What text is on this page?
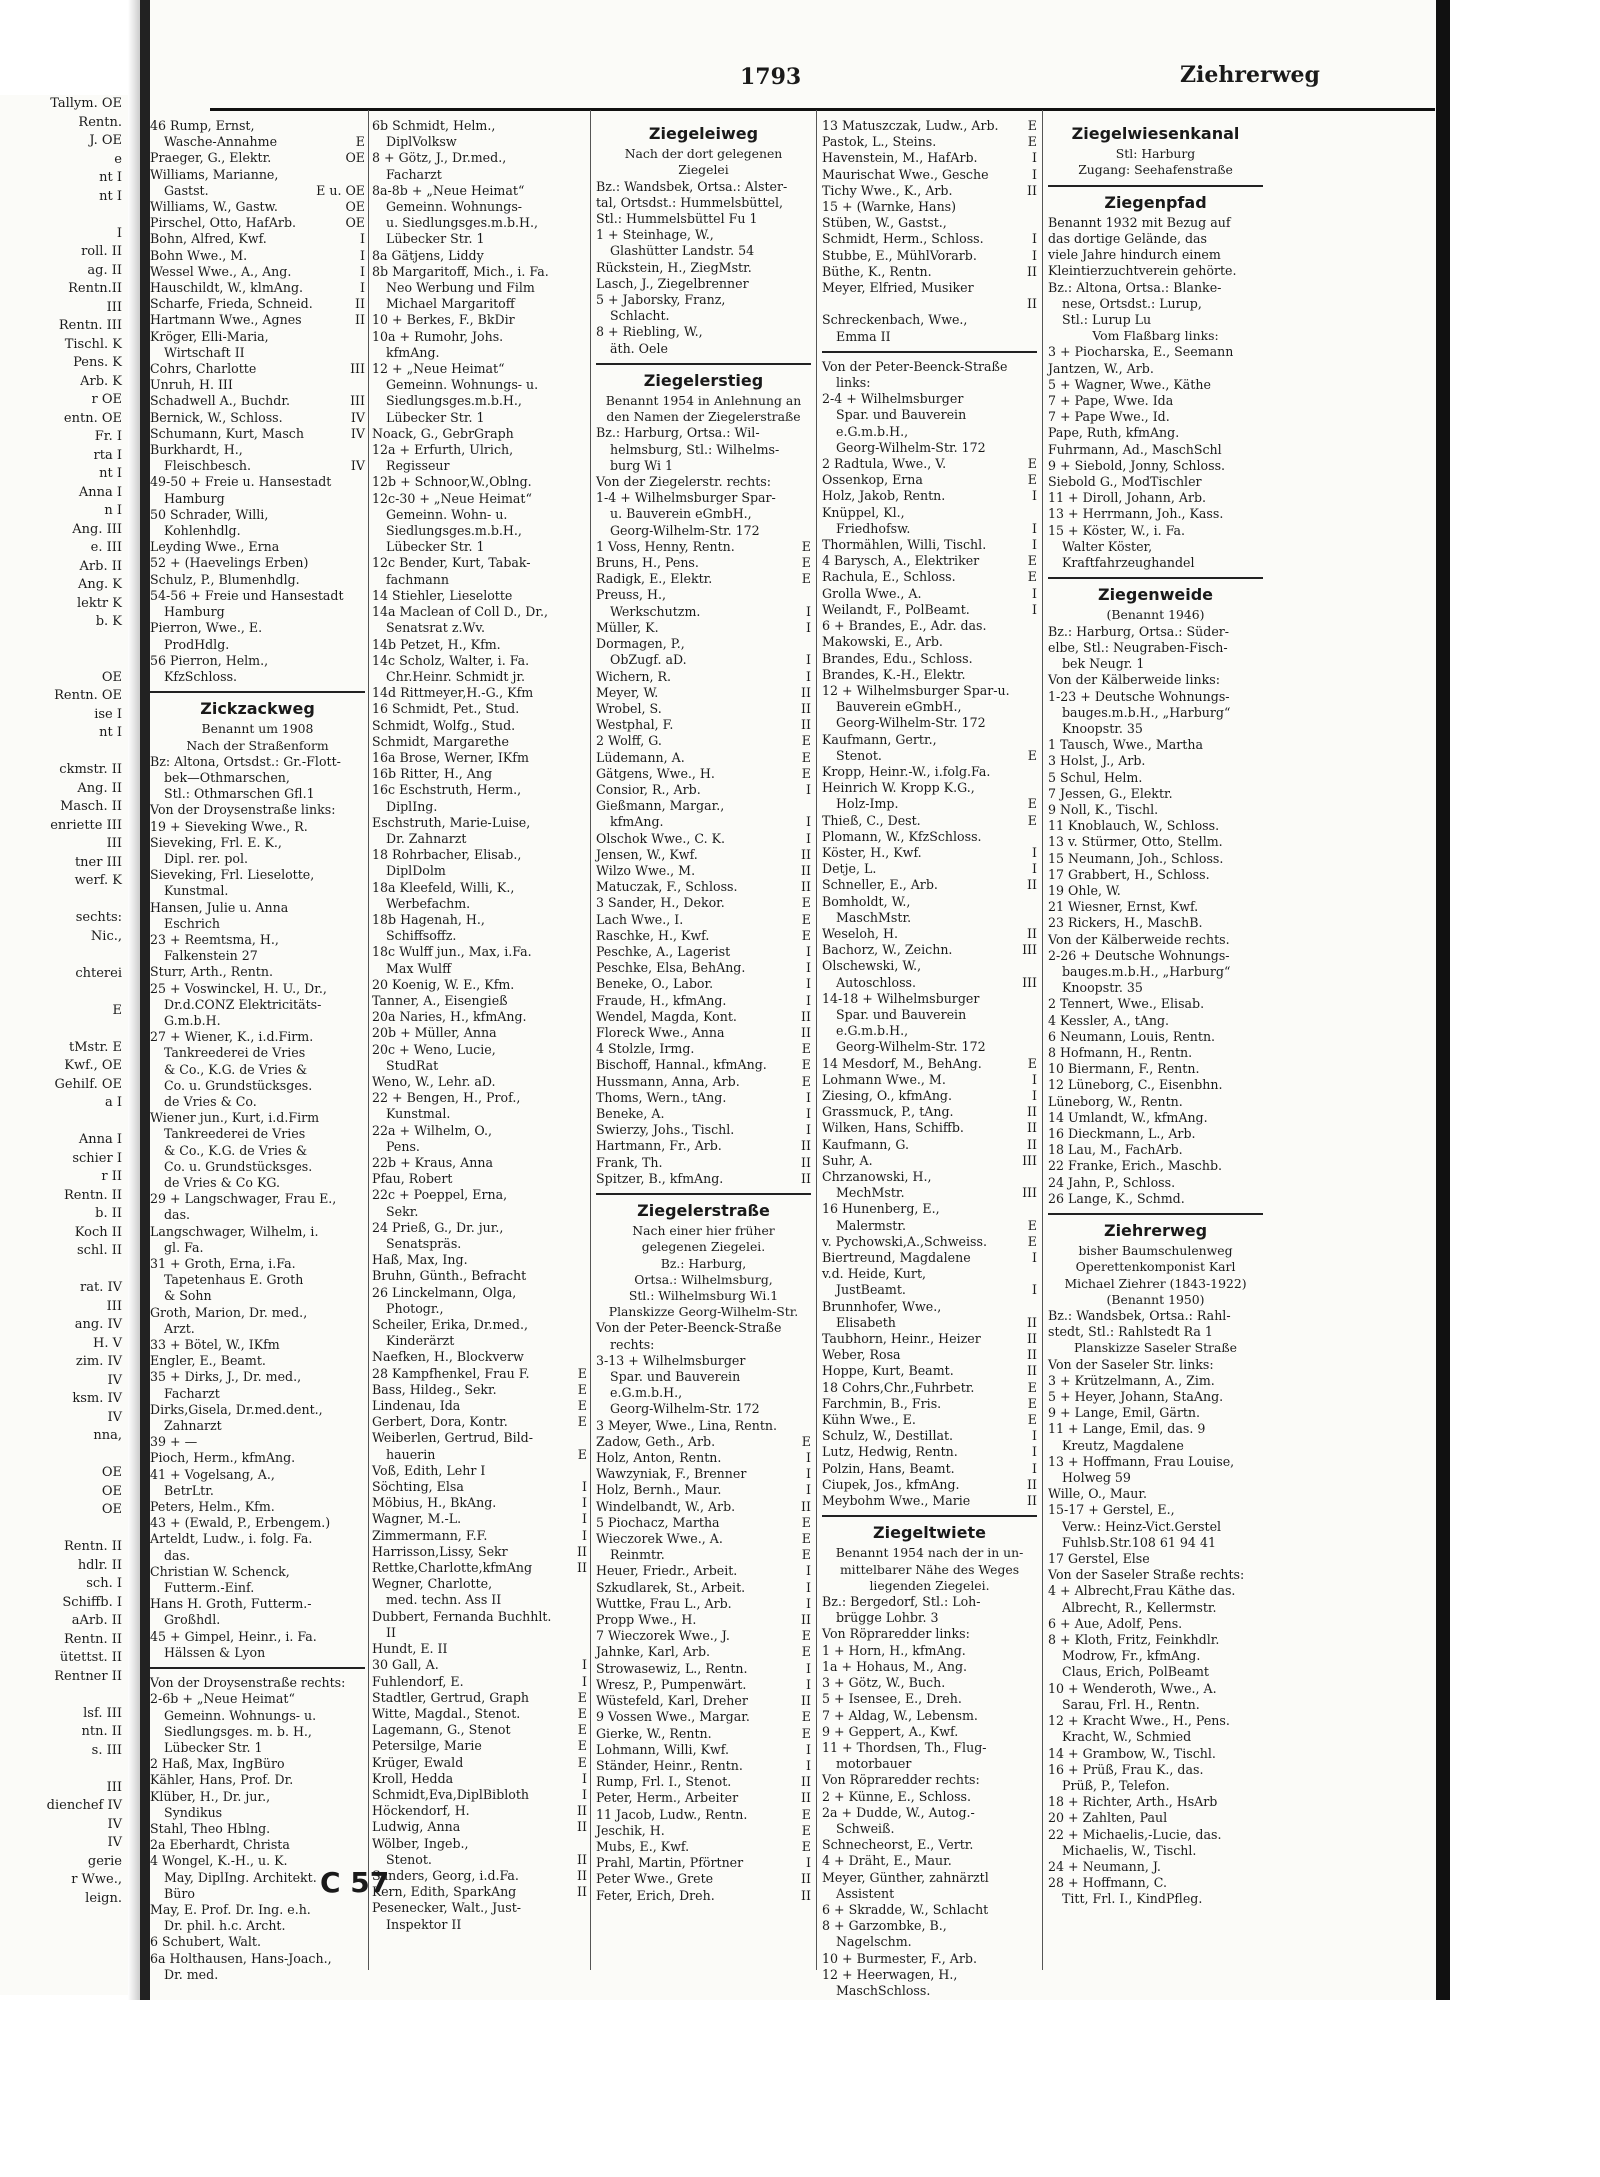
Tallym. OE
Rentn.
J. OE
e
nt I
nt I

I
roll. II
ag. II
Rentn.II
III
Rentn. III
Tischl. K
Pens. K
Arb. K
r OE
entn. OE
Fr. I
rta I
nt I
Anna I
n I
Ang. III
e. III
Arb. II
Ang. K
lektr K
b. K

OE
Rentn. OE
ise I
nt I

ckmstr. II
Ang. II
Masch. II
enriette III
III
tner III
werf. K

sechts:
Nic.,

chterei

E

tMstr. E
Kwf., OE
Gehilf. OE
a I

Anna I
schier I
r II
Rentn. II
b. II
Koch II
schl. II

rat. IV
III
ang. IV
H. V
zim. IV
IV
ksm. IV
IV
nna,

OE
OE
OE

Rentn. II
hdlr. II
sch. I
Schiffb. I
aArb. II
Rentn. II
ütettst. II
Rentner II

lsf. III
ntn. II
s. III

III
dienchef IV
IV
IV
gerie
r Wwe.,
leign.
1793	Ziehrerweg
46 Rump, Ernst,
E
Wasche-Annahme
OE
Praeger, G., Elektr.
Williams, Marianne,
E u. OE
Gastst.
OE
Williams, W., Gastw.
OE
Pirschel, Otto, HafArb.
I
Bohn, Alfred, Kwf.
I
Bohn Wwe., M.
I
Wessel Wwe., A., Ang.
I
Hauschildt, W., klmAng.
II
Scharfe, Frieda, Schneid.
II
Hartmann Wwe., Agnes
Kröger, Elli-Maria,
Wirtschaft II
III
Cohrs, Charlotte
Unruh, H. III
III
Schadwell A., Buchdr.
IV
Bernick, W., Schloss.
IV
Schumann, Kurt, Masch
Burkhardt, H.,
IV
Fleischbesch.
49-50 + Freie u. Hansestadt
Hamburg
50 Schrader, Willi,
Kohlenhdlg.
Leyding Wwe., Erna
52 + (Haevelings Erben)
Schulz, P., Blumenhdlg.
54-56 + Freie und Hansestadt
Hamburg
Pierron, Wwe., E.
ProdHdlg.
56 Pierron, Helm.,
KfzSchloss.
Zickzackweg
Benannt um 1908
Nach der Straßenform
Bz: Altona, Ortsdst.: Gr.-Flott-
bek—Othmarschen,
Stl.: Othmarschen Gfl.1
Von der Droysenstraße links:
19 + Sieveking Wwe., R.
Sieveking, Frl. E. K.,
Dipl. rer. pol.
Sieveking, Frl. Lieselotte,
Kunstmal.
Hansen, Julie u. Anna
Eschrich
23 + Reemtsma, H.,
Falkenstein 27
Sturr, Arth., Rentn.
25 + Voswinckel, H. U., Dr.,
Dr.d.CONZ Elektricitäts-
G.m.b.H.
27 + Wiener, K., i.d.Firm.
Tankreederei de Vries
& Co., K.G. de Vries &
Co. u. Grundstücksges.
de Vries & Co.
Wiener jun., Kurt, i.d.Firm
Tankreederei de Vries
& Co., K.G. de Vries &
Co. u. Grundstücksges.
de Vries & Co KG.
29 + Langschwager, Frau E.,
das.
Langschwager, Wilhelm, i.
gl. Fa.
31 + Groth, Erna, i.Fa.
Tapetenhaus E. Groth
& Sohn
Groth, Marion, Dr. med.,
Arzt.
33 + Bötel, W., IKfm
Engler, E., Beamt.
35 + Dirks, J., Dr. med.,
Facharzt
Dirks,Gisela, Dr.med.dent.,
Zahnarzt
39 + —
Pioch, Herm., kfmAng.
41 + Vogelsang, A.,
BetrLtr.
Peters, Helm., Kfm.
43 + (Ewald, P., Erbengem.)
Arteldt, Ludw., i. folg. Fa.
das.
Christian W. Schenck,
Futterm.-Einf.
Hans H. Groth, Futterm.-
Großhdl.
45 + Gimpel, Heinr., i. Fa.
Hälssen & Lyon
Von der Droysenstraße rechts:
2-6b + „Neue Heimat“
Gemeinn. Wohnungs- u.
Siedlungsges. m. b. H.,
Lübecker Str. 1
2 Haß, Max, IngBüro
Kähler, Hans, Prof. Dr.
Klüber, H., Dr. jur.,
Syndikus
Stahl, Theo Hblng.
2a Eberhardt, Christa
4 Wongel, K.-H., u. K.
May, DiplIng. Architekt.
Büro
May, E. Prof. Dr. Ing. e.h.
Dr. phil. h.c. Archt.
6 Schubert, Walt.
6a Holthausen, Hans-Joach.,
Dr. med.
6b Schmidt, Helm.,
DiplVolksw
8 + Götz, J., Dr.med.,
Facharzt
8a-8b + „Neue Heimat“
Gemeinn. Wohnungs-
u. Siedlungsges.m.b.H.,
Lübecker Str. 1
8a Gätjens, Liddy
8b Margaritoff, Mich., i. Fa.
Neo Werbung und Film
Michael Margaritoff
10 + Berkes, F., BkDir
10a + Rumohr, Johs.
kfmAng.
12 + „Neue Heimat“
Gemeinn. Wohnungs- u.
Siedlungsges.m.b.H.,
Lübecker Str. 1
Noack, G., GebrGraph
12a + Erfurth, Ulrich,
Regisseur
12b + Schnoor,W.,Oblng.
12c-30 + „Neue Heimat“
Gemeinn. Wohn- u.
Siedlungsges.m.b.H.,
Lübecker Str. 1
12c Bender, Kurt, Tabak-
fachmann
14 Stiehler, Lieselotte
14a Maclean of Coll D., Dr.,
Senatsrat z.Wv.
14b Petzet, H., Kfm.
14c Scholz, Walter, i. Fa.
Chr.Heinr. Schmidt jr.
14d Rittmeyer,H.-G., Kfm
16 Schmidt, Pet., Stud.
Schmidt, Wolfg., Stud.
Schmidt, Margarethe
16a Brose, Werner, IKfm
16b Ritter, H., Ang
16c Eschstruth, Herm.,
DiplIng.
Eschstruth, Marie-Luise,
Dr. Zahnarzt
18 Rohrbacher, Elisab.,
DiplDolm
18a Kleefeld, Willi, K.,
Werbefachm.
18b Hagenah, H.,
Schiffsoffz.
18c Wulff jun., Max, i.Fa.
Max Wulff
20 Koenig, W. E., Kfm.
Tanner, A., Eisengieß
20a Naries, H., kfmAng.
20b + Müller, Anna
20c + Weno, Lucie,
StudRat
Weno, W., Lehr. aD.
22 + Bengen, H., Prof.,
Kunstmal.
22a + Wilhelm, O.,
Pens.
22b + Kraus, Anna
Pfau, Robert
22c + Poeppel, Erna,
Sekr.
24 Prieß, G., Dr. jur.,
Senatspräs.
Haß, Max, Ing.
Bruhn, Günth., Befracht
26 Linckelmann, Olga,
Photogr.,
Scheiler, Erika, Dr.med.,
Kinderärzt
Naefken, H., Blockverw
E
28 Kampfhenkel, Frau F.
E
Bass, Hildeg., Sekr.
E
Lindenau, Ida
E
Gerbert, Dora, Kontr.
Weiberlen, Gertrud, Bild-
E
hauerin
Voß, Edith, Lehr I
I
Söchting, Elsa
I
Möbius, H., BkAng.
I
Wagner, M.-L.
I
Zimmermann, F.F.
II
Harrisson,Lissy, Sekr
II
Rettke,Charlotte,kfmAng
Wegner, Charlotte,
med. techn. Ass II
Dubbert, Fernanda Buchhlt.
II
Hundt, E. II
I
30 Gall, A.
I
Fuhlendorf, E.
E
Stadtler, Gertrud, Graph
E
Witte, Magdal., Stenot.
E
Lagemann, G., Stenot
E
Petersilge, Marie
E
Krüger, Ewald
I
Kroll, Hedda
I
Schmidt,Eva,DiplBibloth
II
Höckendorf, H.
II
Ludwig, Anna
Wölber, Ingeb.,
II
Stenot.
II
Sanders, Georg, i.d.Fa.
II
Kern, Edith, SparkAng
Pesenecker, Walt., Just-
Inspektor II
Ziegeleiweg
Nach der dort gelegenen
Ziegelei
Bz.: Wandsbek, Ortsa.: Alster-
tal, Ortsdst.: Hummelsbüttel,
Stl.: Hummelsbüttel Fu 1
1 + Steinhage, W.,
Glashütter Landstr. 54
Rückstein, H., ZiegMstr.
Lasch, J., Ziegelbrenner
5 + Jaborsky, Franz,
Schlacht.
8 + Riebling, W.,
äth. Oele
Ziegelerstieg
Benannt 1954 in Anlehnung an
den Namen der Ziegelerstraße
Bz.: Harburg, Ortsa.: Wil-
helmsburg, Stl.: Wilhelms-
burg Wi 1
Von der Ziegelerstr. rechts:
1-4 + Wilhelmsburger Spar-
u. Bauverein eGmbH.,
Georg-Wilhelm-Str. 172
E
1 Voss, Henny, Rentn.
E
Bruns, H., Pens.
E
Radigk, E., Elektr.
Preuss, H.,
I
Werkschutzm.
I
Müller, K.
Dormagen, P.,
I
ObZugf. aD.
I
Wichern, R.
II
Meyer, W.
II
Wrobel, S.
II
Westphal, F.
E
2 Wolff, G.
E
Lüdemann, A.
E
Gätgens, Wwe., H.
I
Consior, R., Arb.
Gießmann, Margar.,
I
kfmAng.
I
Olschok Wwe., C. K.
II
Jensen, W., Kwf.
II
Wilzo Wwe., M.
II
Matuczak, F., Schloss.
E
3 Sander, H., Dekor.
E
Lach Wwe., I.
E
Raschke, H., Kwf.
I
Peschke, A., Lagerist
I
Peschke, Elsa, BehAng.
I
Beneke, O., Labor.
I
Fraude, H., kfmAng.
II
Wendel, Magda, Kont.
II
Floreck Wwe., Anna
E
4 Stolzle, Irmg.
E
Bischoff, Hannal., kfmAng.
E
Hussmann, Anna, Arb.
I
Thoms, Wern., tAng.
I
Beneke, A.
I
Swierzy, Johs., Tischl.
II
Hartmann, Fr., Arb.
II
Frank, Th.
II
Spitzer, B., kfmAng.
Ziegelerstraße
Nach einer hier früher
gelegenen Ziegelei.
Bz.: Harburg,
Ortsa.: Wilhelmsburg,
Stl.: Wilhelmsburg Wi.1
Planskizze Georg-Wilhelm-Str.
Von der Peter-Beenck-Straße
rechts:
3-13 + Wilhelmsburger
Spar. und Bauverein
e.G.m.b.H.,
Georg-Wilhelm-Str. 172
3 Meyer, Wwe., Lina, Rentn.
E
Zadow, Geth., Arb.
I
Holz, Anton, Rentn.
I
Wawzyniak, F., Brenner
I
Holz, Bernh., Maur.
II
Windelbandt, W., Arb.
E
5 Piochacz, Martha
E
Wieczorek Wwe., A.
E
Reinmtr.
I
Heuer, Friedr., Arbeit.
I
Szkudlarek, St., Arbeit.
I
Wuttke, Frau L., Arb.
II
Propp Wwe., H.
E
7 Wieczorek Wwe., J.
E
Jahnke, Karl, Arb.
I
Strowasewiz, L., Rentn.
I
Wresz, P., Pumpenwärt.
II
Wüstefeld, Karl, Dreher
E
9 Vossen Wwe., Margar.
E
Gierke, W., Rentn.
I
Lohmann, Willi, Kwf.
I
Ständer, Heinr., Rentn.
II
Rump, Frl. I., Stenot.
II
Peter, Herm., Arbeiter
E
11 Jacob, Ludw., Rentn.
E
Jeschik, H.
E
Mubs, E., Kwf.
I
Prahl, Martin, Pförtner
II
Peter Wwe., Grete
II
Feter, Erich, Dreh.
E
13 Matuszczak, Ludw., Arb.
E
Pastok, L., Steins.
I
Havenstein, M., HafArb.
I
Maurischat Wwe., Gesche
II
Tichy Wwe., K., Arb.
15 + (Warnke, Hans)
Stüben, W., Gastst.,
I
Schmidt, Herm., Schloss.
I
Stubbe, E., MühlVorarb.
II
Büthe, K., Rentn.
Meyer, Elfried, Musiker
II

Schreckenbach, Wwe.,
Emma II
Von der Peter-Beenck-Straße
links:
2-4 + Wilhelmsburger
Spar. und Bauverein
e.G.m.b.H.,
Georg-Wilhelm-Str. 172
E
2 Radtula, Wwe., V.
E
Ossenkop, Erna
I
Holz, Jakob, Rentn.
Knüppel, Kl.,
I
Friedhofsw.
I
Thormählen, Willi, Tischl.
E
4 Barysch, A., Elektriker
E
Rachula, E., Schloss.
I
Grolla Wwe., A.
I
Weilandt, F., PolBeamt.
6 + Brandes, E., Adr. das.
Makowski, E., Arb.
Brandes, Edu., Schloss.
Brandes, K.-H., Elektr.
12 + Wilhelmsburger Spar-u.
Bauverein eGmbH.,
Georg-Wilhelm-Str. 172
Kaufmann, Gertr.,
E
Stenot.
Kropp, Heinr.-W., i.folg.Fa.
Heinrich W. Kropp K.G.,
E
Holz-Imp.
E
Thieß, C., Dest.
Plomann, W., KfzSchloss.
I
Köster, H., Kwf.
I
Detje, L.
II
Schneller, E., Arb.
Bomholdt, W.,
MaschMstr.
II
Weseloh, H.
III
Bachorz, W., Zeichn.
Olschewski, W.,
III
Autoschloss.
14-18 + Wilhelmsburger
Spar. und Bauverein
e.G.m.b.H.,
Georg-Wilhelm-Str. 172
E
14 Mesdorf, M., BehAng.
I
Lohmann Wwe., M.
I
Ziesing, O., kfmAng.
II
Grassmuck, P., tAng.
II
Wilken, Hans, Schiffb.
II
Kaufmann, G.
III
Suhr, A.
Chrzanowski, H.,
III
MechMstr.
16 Hunenberg, E.,
E
Malermstr.
E
v. Pychowski,A.,Schweiss.
I
Biertreund, Magdalene
v.d. Heide, Kurt,
I
JustBeamt.
Brunnhofer, Wwe.,
II
Elisabeth
II
Taubhorn, Heinr., Heizer
II
Weber, Rosa
II
Hoppe, Kurt, Beamt.
E
18 Cohrs,Chr.,Fuhrbetr.
E
Farchmin, B., Fris.
E
Kühn Wwe., E.
I
Schulz, W., Destillat.
I
Lutz, Hedwig, Rentn.
I
Polzin, Hans, Beamt.
II
Ciupek, Jos., kfmAng.
II
Meybohm Wwe., Marie
Ziegeltwiete
Benannt 1954 nach der in un-
mittelbarer Nähe des Weges
liegenden Ziegelei.
Bz.: Bergedorf, Stl.: Loh-
brügge Lohbr. 3
Von Röpraredder links:
1 + Horn, H., kfmAng.
1a + Hohaus, M., Ang.
3 + Götz, W., Buch.
5 + Isensee, E., Dreh.
7 + Aldag, W., Lebensm.
9 + Geppert, A., Kwf.
11 + Thordsen, Th., Flug-
motorbauer
Von Röpraredder rechts:
2 + Künne, E., Schloss.
2a + Dudde, W., Autog.-
Schweiß.
Schnecheorst, E., Vertr.
4 + Dräht, E., Maur.
Meyer, Günther, zahnärztl
Assistent
6 + Skradde, W., Schlacht
8 + Garzombke, B.,
Nagelschm.
10 + Burmester, F., Arb.
12 + Heerwagen, H.,
MaschSchloss.
Ziegelwiesenkanal
Stl: Harburg
Zugang: Seehafenstraße
Ziegenpfad
Benannt 1932 mit Bezug auf
das dortige Gelände, das
viele Jahre hindurch einem
Kleintierzuchtverein gehörte.
Bz.: Altona, Ortsa.: Blanke-
nese, Ortsdst.: Lurup,
Stl.: Lurup Lu
Vom Flaßbarg links:
3 + Piocharska, E., Seemann
Jantzen, W., Arb.
5 + Wagner, Wwe., Käthe
7 + Pape, Wwe. Ida
7 + Pape Wwe., Id.
Pape, Ruth, kfmAng.
Fuhrmann, Ad., MaschSchl
9 + Siebold, Jonny, Schloss.
Siebold G., ModTischler
11 + Diroll, Johann, Arb.
13 + Herrmann, Joh., Kass.
15 + Köster, W., i. Fa.
Walter Köster,
Kraftfahrzeughandel
Ziegenweide
(Benannt 1946)
Bz.: Harburg, Ortsa.: Süder-
elbe, Stl.: Neugraben-Fisch-
bek Neugr. 1
Von der Kälberweide links:
1-23 + Deutsche Wohnungs-
bauges.m.b.H., „Harburg“
Knoopstr. 35
1 Tausch, Wwe., Martha
3 Holst, J., Arb.
5 Schul, Helm.
7 Jessen, G., Elektr.
9 Noll, K., Tischl.
11 Knoblauch, W., Schloss.
13 v. Stürmer, Otto, Stellm.
15 Neumann, Joh., Schloss.
17 Grabbert, H., Schloss.
19 Ohle, W.
21 Wiesner, Ernst, Kwf.
23 Rickers, H., MaschB.
Von der Kälberweide rechts.
2-26 + Deutsche Wohnungs-
bauges.m.b.H., „Harburg“
Knoopstr. 35
2 Tennert, Wwe., Elisab.
4 Kessler, A., tAng.
6 Neumann, Louis, Rentn.
8 Hofmann, H., Rentn.
10 Biermann, F., Rentn.
12 Lüneborg, C., Eisenbhn.
Lüneborg, W., Rentn.
14 Umlandt, W., kfmAng.
16 Dieckmann, L., Arb.
18 Lau, M., FachArb.
22 Franke, Erich., Maschb.
24 Jahn, P., Schloss.
26 Lange, K., Schmd.
Ziehrerweg
bisher Baumschulenweg
Operettenkomponist Karl
Michael Ziehrer (1843-1922)
(Benannt 1950)
Bz.: Wandsbek, Ortsa.: Rahl-
stedt, Stl.: Rahlstedt Ra 1
Planskizze Saseler Straße
Von der Saseler Str. links:
3 + Krützelmann, A., Zim.
5 + Heyer, Johann, StaAng.
9 + Lange, Emil, Gärtn.
11 + Lange, Emil, das. 9
Kreutz, Magdalene
13 + Hoffmann, Frau Louise,
Holweg 59
Wille, O., Maur.
15-17 + Gerstel, E.,
Verw.: Heinz-Vict.Gerstel
Fuhlsb.Str.108 61 94 41
17 Gerstel, Else
Von der Saseler Straße rechts:
4 + Albrecht,Frau Käthe das.
Albrecht, R., Kellermstr.
6 + Aue, Adolf, Pens.
8 + Kloth, Fritz, Feinkhdlr.
Modrow, Fr., kfmAng.
Claus, Erich, PolBeamt
10 + Wenderoth, Wwe., A.
Sarau, Frl. H., Rentn.
12 + Kracht Wwe., H., Pens.
Kracht, W., Schmied
14 + Grambow, W., Tischl.
16 + Prüß, Frau K., das.
Prüß, P., Telefon.
18 + Richter, Arth., HsArb
20 + Zahlten, Paul
22 + Michaelis,-Lucie, das.
Michaelis, W., Tischl.
24 + Neumann, J.
28 + Hoffmann, C.
Titt, Frl. I., KindPfleg.
C 57
